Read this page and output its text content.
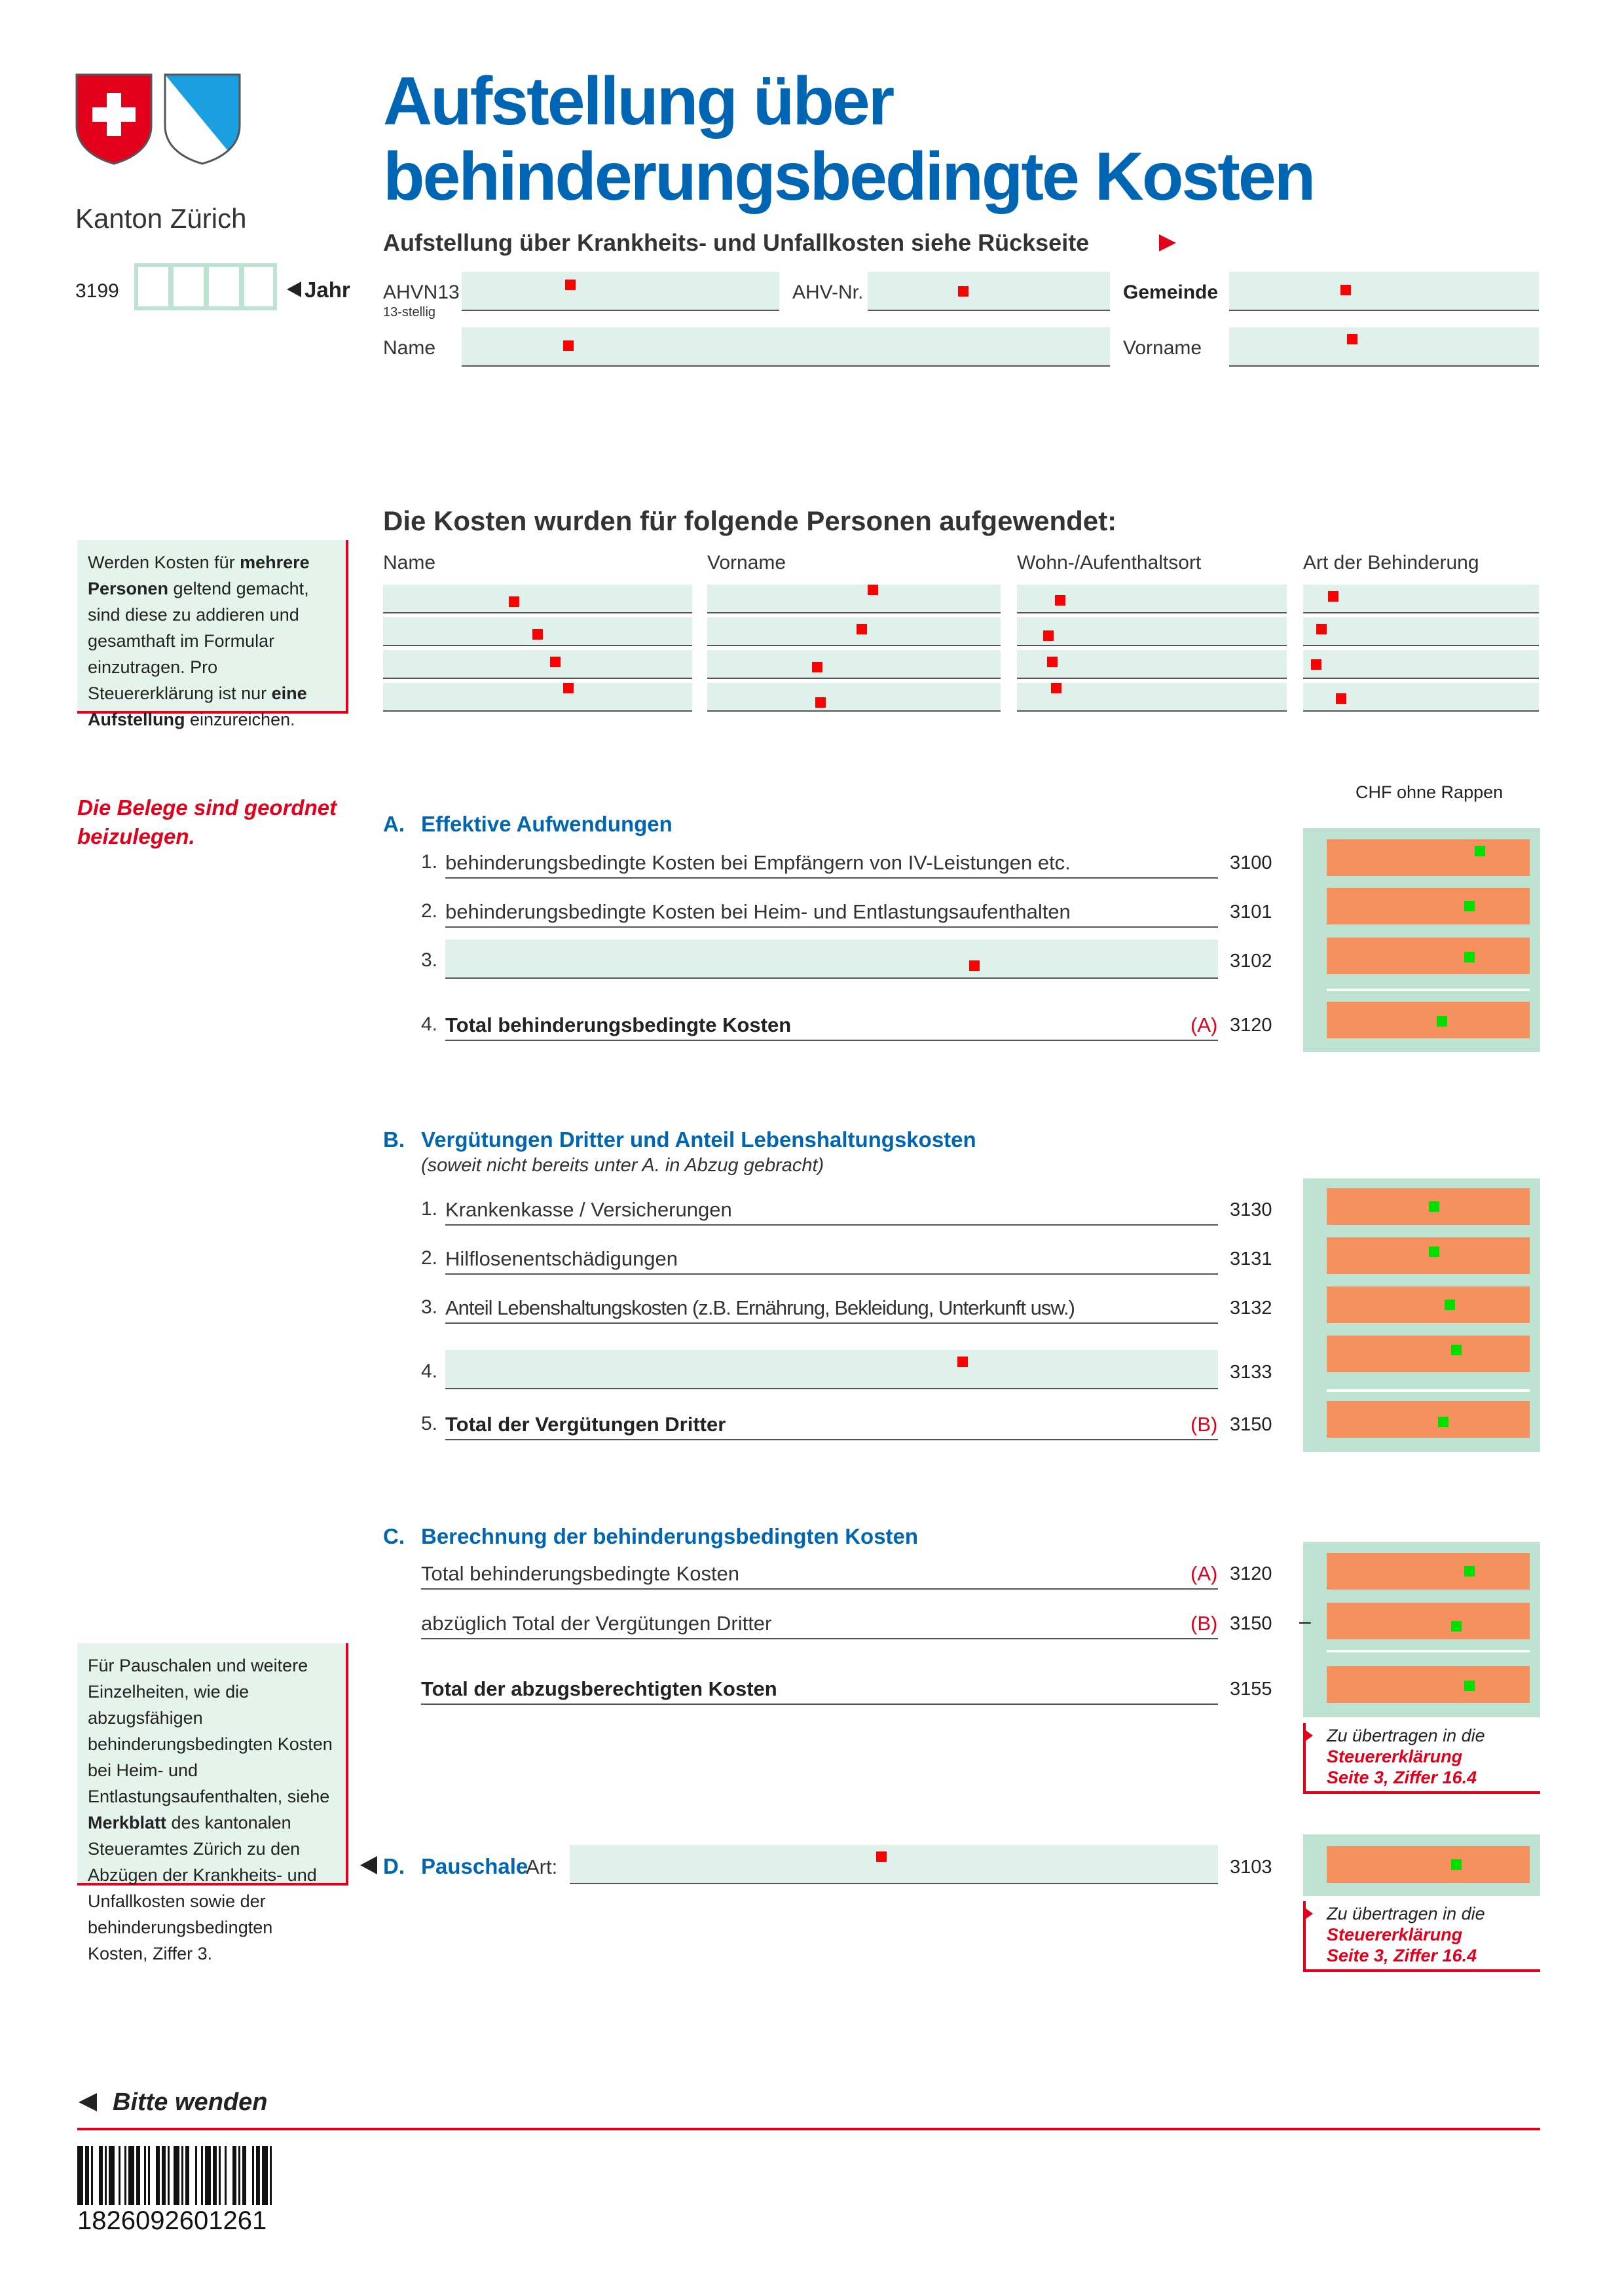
Kanton Zürich
Aufstellung über
behinderungsbedingte Kosten
Aufstellung über Krankheits- und Unfallkosten siehe Rückseite
3199	Jahr AHVN13
13-stellig
AHV-Nr.	Gemeinde
Name	Vorname
Die Kosten wurden für folgende Personen aufgewendet:
Name	Vorname	Wohn-/Aufenthaltsort	Art der Behinderung
Werden Kosten für mehrere Personen geltend gemacht, sind diese zu addieren und gesamthaft im Formular einzutragen. Pro Steuererklärung ist nur eine Aufstellung einzureichen.
Die Belege sind geordnet beizulegen.
CHF ohne Rappen
A. Effektive Aufwendungen
1. behinderungsbedingte Kosten bei Empfängern von IV-Leistungen etc.	3100
2. behinderungsbedingte Kosten bei Heim- und Entlastungsaufenthalten	3101
3.	3102
4. Total behinderungsbedingte Kosten	(A) 3120
B. Vergütungen Dritter und Anteil Lebenshaltungskosten
(soweit nicht bereits unter A. in Abzug gebracht)
1. Krankenkasse / Versicherungen	3130
2. Hilflosenentschädigungen	3131
3. Anteil Lebenshaltungskosten (z.B. Ernährung, Bekleidung, Unterkunft usw.)	3132
4.	3133
5. Total der Vergütungen Dritter	(B) 3150
C. Berechnung der behinderungsbedingten Kosten
Total behinderungsbedingte Kosten	(A) 3120
abzüglich Total der Vergütungen Dritter	(B) 3150 –
Total der abzugsberechtigten Kosten	3155
Zu übertragen in die
Steuererklärung
Seite 3, Ziffer 16.4
Für Pauschalen und weitere Einzelheiten, wie die abzugsfähigen behinderungsbedingten Kosten bei Heim- und Entlastungsaufenthalten, siehe Merkblatt des kantonalen Steueramtes Zürich zu den Abzügen der Krankheits- und Unfallkosten sowie der behinderungsbedingten Kosten, Ziffer 3.
D. Pauschale
Art:	3103
Zu übertragen in die
Steuererklärung
Seite 3, Ziffer 16.4
Bitte wenden
1826092601261
